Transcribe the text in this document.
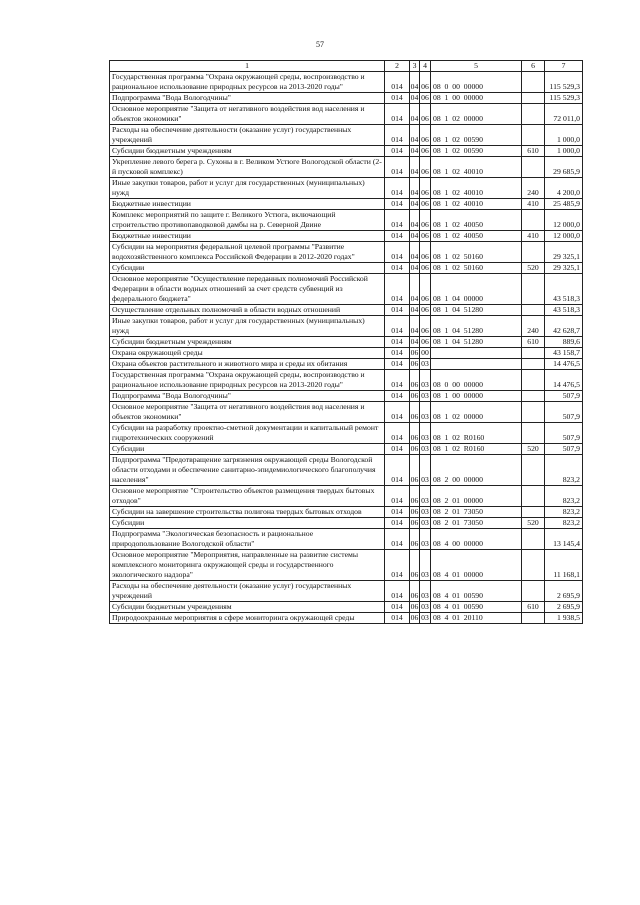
57
1	2	3	4	5	6	7
Государственная программа "Охрана окружающей среды, воспроизводство и рациональное использование природных ресурсов на 2013-2020 годы"	014	04	06	08  0  00  00000		115 529,3
Подпрограмма "Вода Вологодчины"	014	04	06	08  1  00  00000		115 529,3
Основное мероприятие "Защита от негативного воздействия вод населения и объектов экономики"	014	04	06	08  1  02  00000		72 011,0
Расходы на обеспечение деятельности (оказание услуг) государственных учреждений	014	04	06	08  1  02  00590		1 000,0
Субсидии бюджетным учреждениям	014	04	06	08  1  02  00590	610	1 000,0
Укрепление левого берега р. Сухоны в г. Великом Устюге Вологодской области (2-й пусковой комплекс)	014	04	06	08  1  02  40010		29 685,9
Иные закупки товаров, работ и услуг для государственных (муниципальных) нужд	014	04	06	08  1  02  40010	240	4 200,0
Бюджетные инвестиции	014	04	06	08  1  02  40010	410	25 485,9
Комплекс мероприятий по защите г. Великого Устюга, включающий строительство противопаводковой дамбы на р. Северной Двине	014	04	06	08  1  02  40050		12 000,0
Бюджетные инвестиции	014	04	06	08  1  02  40050	410	12 000,0
Субсидии на мероприятия федеральной целевой программы "Развитие водохозяйственного комплекса Российской Федерации в 2012-2020 годах"	014	04	06	08  1  02  50160		29 325,1
Субсидии	014	04	06	08  1  02  50160	520	29 325,1
Основное мероприятие "Осуществление переданных полномочий Российской Федерации в области водных отношений за счет средств субвенций из федерального бюджета"	014	04	06	08  1  04  00000		43 518,3
Осуществление отдельных полномочий в области водных отношений	014	04	06	08  1  04  51280		43 518,3
Иные закупки товаров, работ и услуг для государственных (муниципальных) нужд	014	04	06	08  1  04  51280	240	42 628,7
Субсидии бюджетным учреждениям	014	04	06	08  1  04  51280	610	889,6
Охрана окружающей среды	014	06	00			43 158,7
Охрана объектов растительного и животного мира и среды их обитания	014	06	03			14 476,5
Государственная программа "Охрана окружающей среды, воспроизводство и рациональное использование природных ресурсов на 2013-2020 годы"	014	06	03	08  0  00  00000		14 476,5
Подпрограмма "Вода Вологодчины"	014	06	03	08  1  00  00000		507,9
Основное мероприятие "Защита от негативного воздействия вод населения и объектов экономики"	014	06	03	08  1  02  00000		507,9
Субсидии на разработку проектно-сметной документации и капитальный ремонт гидротехнических сооружений	014	06	03	08  1  02  R0160		507,9
Субсидии	014	06	03	08  1  02  R0160	520	507,9
Подпрограмма "Предотвращение загрязнения окружающей среды Вологодской области отходами и обеспечение санитарно-эпидемиологического благополучия населения"	014	06	03	08  2  00  00000		823,2
Основное мероприятие "Строительство объектов размещения твердых бытовых отходов"	014	06	03	08  2  01  00000		823,2
Субсидии на завершение строительства полигона твердых бытовых отходов	014	06	03	08  2  01  73050		823,2
Субсидии	014	06	03	08  2  01  73050	520	823,2
Подпрограмма "Экологическая безопасность и рациональное природопользование Вологодской области"	014	06	03	08  4  00  00000		13 145,4
Основное мероприятие "Мероприятия, направленные на развитие системы комплексного мониторинга окружающей среды и государственного экологического надзора"	014	06	03	08  4  01  00000		11 168,1
Расходы на обеспечение деятельности (оказание услуг) государственных учреждений	014	06	03	08  4  01  00590		2 695,9
Субсидии бюджетным учреждениям	014	06	03	08  4  01  00590	610	2 695,9
Природоохранные мероприятия в сфере мониторинга окружающей среды	014	06	03	08  4  01  20110		1 938,5
